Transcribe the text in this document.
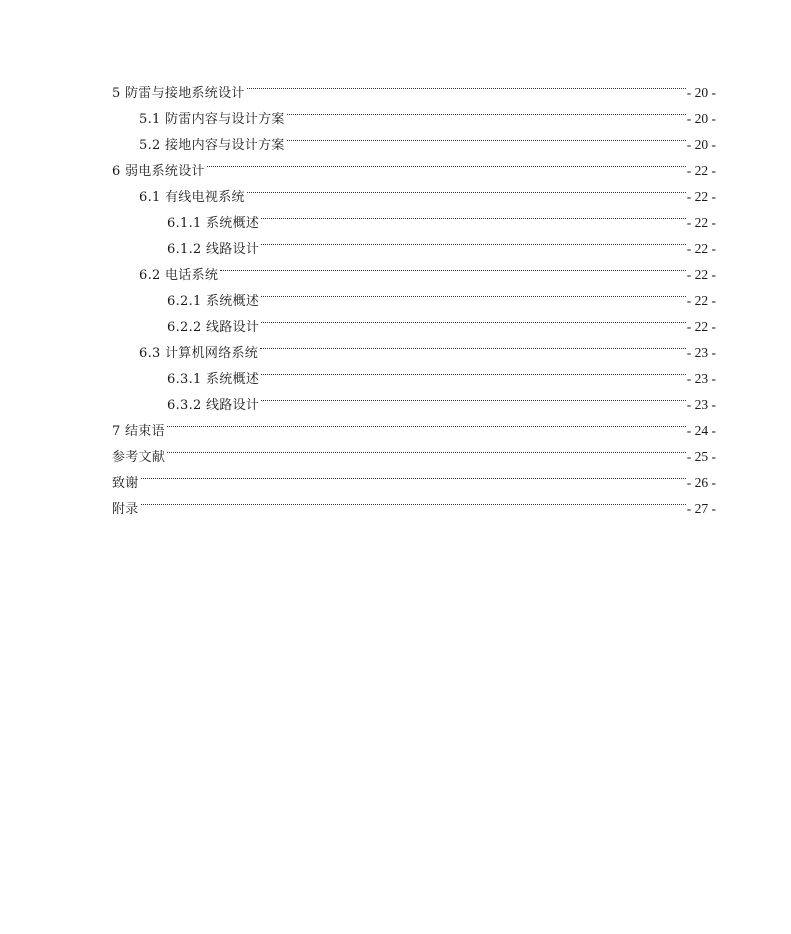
5 防雷与接地系统设计	- 20 -
5.1 防雷内容与设计方案	- 20 -
5.2 接地内容与设计方案	- 20 -
6 弱电系统设计	- 22 -
6.1 有线电视系统	- 22 -
6.1.1 系统概述	- 22 -
6.1.2 线路设计	- 22 -
6.2 电话系统	- 22 -
6.2.1 系统概述	- 22 -
6.2.2 线路设计	- 22 -
6.3 计算机网络系统	- 23 -
6.3.1 系统概述	- 23 -
6.3.2 线路设计	- 23 -
7 结束语	- 24 -
参考文献	- 25 -
致谢	- 26 -
附录	- 27 -
